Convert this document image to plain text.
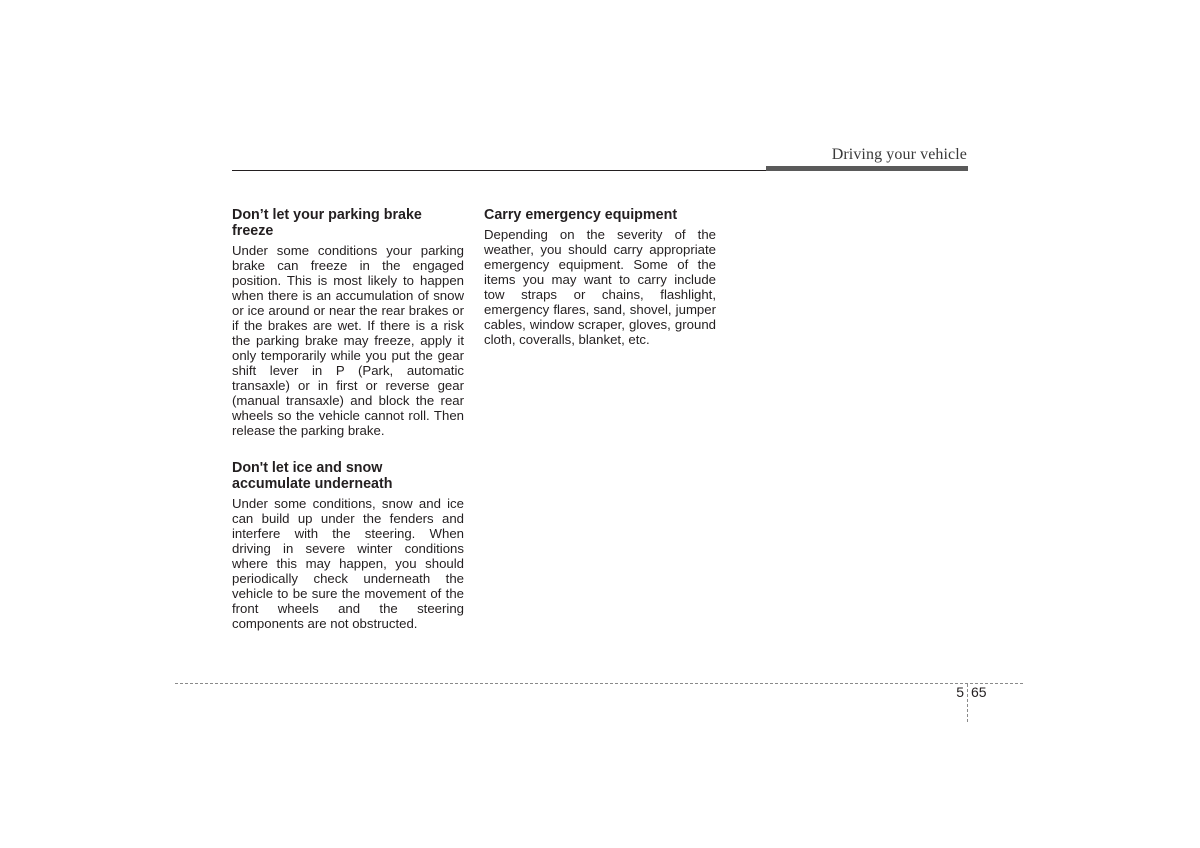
Driving your vehicle
Don’t let your parking brake freeze

Under some conditions your parking brake can freeze in the engaged position. This is most likely to happen when there is an accumulation of snow or ice around or near the rear brakes or if the brakes are wet. If there is a risk the parking brake may freeze, apply it only temporarily while you put the gear shift lever in P (Park, automatic transaxle) or in first or reverse gear (manual transaxle) and block the rear wheels so the vehicle cannot roll. Then release the parking brake.

Don't let ice and snow accumulate underneath

Under some conditions, snow and ice can build up under the fenders and interfere with the steering. When driving in severe winter conditions where this may happen, you should periodically check underneath the vehicle to be sure the movement of the front wheels and the steering components are not obstructed.

Carry emergency equipment

Depending on the severity of the weather, you should carry appropriate emergency equipment. Some of the items you may want to carry include tow straps or chains, flashlight, emergency flares, sand, shovel, jumper cables, window scraper, gloves, ground cloth, coveralls, blanket, etc.

5 65
